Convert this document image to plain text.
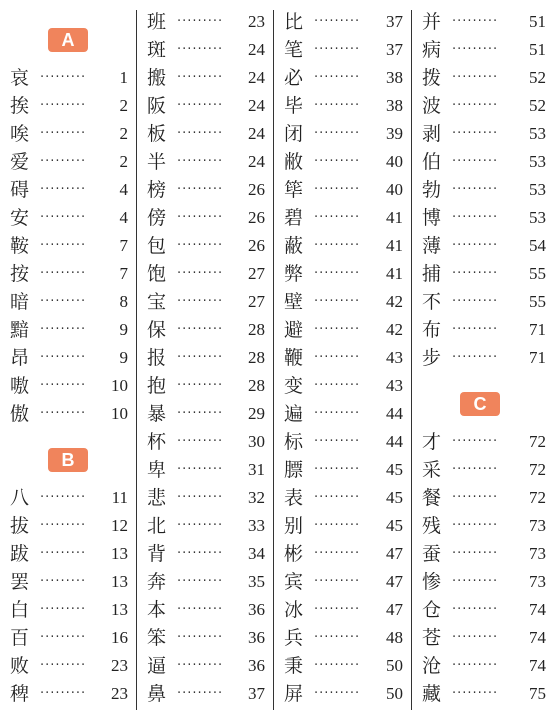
A
B
哀 ········· 1
挨 ········· 2
唉 ········· 2
爱 ········· 2
碍 ········· 4
安 ········· 4
鞍 ········· 7
按 ········· 7
暗 ········· 8
黯 ········· 9
昂 ········· 9
嗷 ········· 10
傲 ········· 10
八 ········· 11
拔 ········· 12
跋 ········· 13
罢 ········· 13
白 ········· 13
百 ········· 16
败 ········· 23
稗 ········· 23
班 ········· 23
斑 ········· 24
搬 ········· 24
阪 ········· 24
板 ········· 24
半 ········· 24
榜 ········· 26
傍 ········· 26
包 ········· 26
饱 ········· 27
宝 ········· 27
保 ········· 28
报 ········· 28
抱 ········· 28
暴 ········· 29
杯 ········· 30
卑 ········· 31
悲 ········· 32
北 ········· 33
背 ········· 34
奔 ········· 35
本 ········· 36
笨 ········· 36
逼 ········· 36
鼻 ········· 37
比 ········· 37
笔 ········· 37
必 ········· 38
毕 ········· 38
闭 ········· 39
敝 ········· 40
筚 ········· 40
碧 ········· 41
蔽 ········· 41
弊 ········· 41
壁 ········· 42
避 ········· 42
鞭 ········· 43
变 ········· 43
遍 ········· 44
标 ········· 44
膘 ········· 45
表 ········· 45
别 ········· 45
彬 ········· 47
宾 ········· 47
冰 ········· 47
兵 ········· 48
秉 ········· 50
屏 ········· 50
C
并 ········· 51
病 ········· 51
拨 ········· 52
波 ········· 52
剥 ········· 53
伯 ········· 53
勃 ········· 53
博 ········· 53
薄 ········· 54
捕 ········· 55
不 ········· 55
布 ········· 71
步 ········· 71
才 ········· 72
采 ········· 72
餐 ········· 72
残 ········· 73
蚕 ········· 73
惨 ········· 73
仓 ········· 74
苍 ········· 74
沧 ········· 74
藏 ········· 75
